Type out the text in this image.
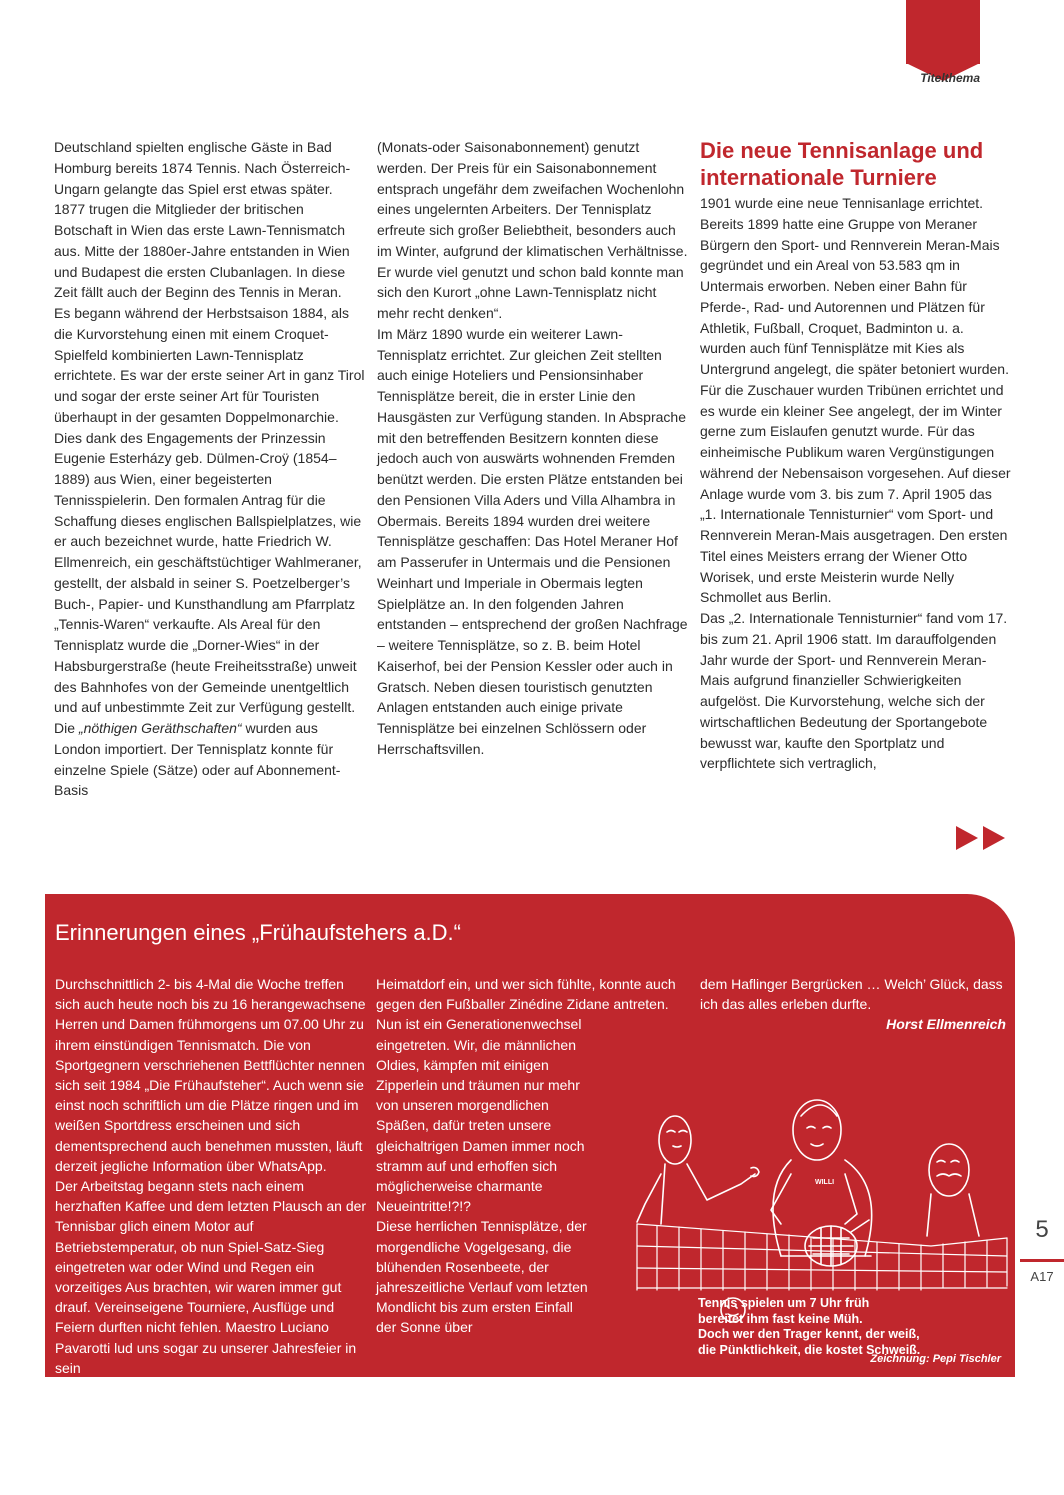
Titelthema

Deutschland spielten englische Gäste in Bad Homburg bereits 1874 Tennis. Nach Österreich-Ungarn gelangte das Spiel erst etwas später. 1877 trugen die Mitglieder der britischen Botschaft in Wien das erste Lawn-Tennismatch aus. Mitte der 1880er-Jahre entstanden in Wien und Budapest die ersten Clubanlagen. In diese Zeit fällt auch der Beginn des Tennis in Meran.

Es begann während der Herbstsaison 1884, als die Kurvorstehung einen mit einem Croquet-Spielfeld kombinierten Lawn-Tennisplatz errichtete. Es war der erste seiner Art in ganz Tirol und sogar der erste seiner Art für Touristen überhaupt in der gesamten Doppelmonarchie. Dies dank des Engagements der Prinzessin Eugenie Esterházy geb. Dülmen-Croÿ (1854–1889) aus Wien, einer begeisterten Tennisspielerin. Den formalen Antrag für die Schaffung dieses englischen Ballspielplatzes, wie er auch bezeichnet wurde, hatte Friedrich W. Ellmenreich, ein geschäftstüchtiger Wahlmeraner, gestellt, der alsbald in seiner S. Poetzelberger’s Buch-, Papier- und Kunsthandlung am Pfarrplatz „Tennis-Waren“ verkaufte. Als Areal für den Tennisplatz wurde die „Dorner-Wies“ in der Habsburgerstraße (heute Freiheitsstraße) unweit des Bahnhofes von der Gemeinde unentgeltlich und auf unbestimmte Zeit zur Verfügung gestellt. Die „nöthigen Geräthschaften“ wurden aus London importiert. Der Tennisplatz konnte für einzelne Spiele (Sätze) oder auf Abonnement-Basis

(Monats-oder Saisonabonnement) genutzt werden. Der Preis für ein Saisonabonnement entsprach ungefähr dem zweifachen Wochenlohn eines ungelernten Arbeiters. Der Tennisplatz erfreute sich großer Beliebtheit, besonders auch im Winter, aufgrund der klimatischen Verhältnisse. Er wurde viel genutzt und schon bald konnte man sich den Kurort „ohne Lawn-Tennisplatz nicht mehr recht denken“.

Im März 1890 wurde ein weiterer Lawn-Tennisplatz errichtet. Zur gleichen Zeit stellten auch einige Hoteliers und Pensionsinhaber Tennisplätze bereit, die in erster Linie den Hausgästen zur Verfügung standen. In Absprache mit den betreffenden Besitzern konnten diese jedoch auch von auswärts wohnenden Fremden benützt werden. Die ersten Plätze entstanden bei den Pensionen Villa Aders und Villa Alhambra in Obermais. Bereits 1894 wurden drei weitere Tennisplätze geschaffen: Das Hotel Meraner Hof am Passerufer in Untermais und die Pensionen Weinhart und Imperiale in Obermais legten Spielplätze an. In den folgenden Jahren entstanden – entsprechend der großen Nachfrage – weitere Tennisplätze, so z. B. beim Hotel Kaiserhof, bei der Pension Kessler oder auch in Gratsch. Neben diesen touristisch genutzten Anlagen entstanden auch einige private Tennisplätze bei einzelnen Schlössern oder Herrschaftsvillen.

Die neue Tennisanlage und internationale Turniere

1901 wurde eine neue Tennisanlage errichtet. Bereits 1899 hatte eine Gruppe von Meraner Bürgern den Sport- und Rennverein Meran-Mais gegründet und ein Areal von 53.583 qm in Untermais erworben. Neben einer Bahn für Pferde-, Rad- und Autorennen und Plätzen für Athletik, Fußball, Croquet, Badminton u. a. wurden auch fünf Tennisplätze mit Kies als Untergrund angelegt, die später betoniert wurden. Für die Zuschauer wurden Tribünen errichtet und es wurde ein kleiner See angelegt, der im Winter gerne zum Eislaufen genutzt wurde. Für das einheimische Publikum waren Vergünstigungen während der Nebensaison vorgesehen. Auf dieser Anlage wurde vom 3. bis zum 7. April 1905 das „1. Internationale Tennisturnier“ vom Sport- und Rennverein Meran-Mais ausgetragen. Den ersten Titel eines Meisters errang der Wiener Otto Worisek, und erste Meisterin wurde Nelly Schmollet aus Berlin.

Das „2. Internationale Tennisturnier“ fand vom 17. bis zum 21. April 1906 statt. Im darauffolgenden Jahr wurde der Sport- und Rennverein Meran-Mais aufgrund finanzieller Schwierigkeiten aufgelöst. Die Kurvorstehung, welche sich der wirtschaftlichen Bedeutung der Sportangebote bewusst war, kaufte den Sportplatz und verpflichtete sich vertraglich,

Erinnerungen eines „Frühaufstehers a.D.“

Durchschnittlich 2- bis 4-Mal die Woche treffen sich auch heute noch bis zu 16 herangewachsene Herren und Damen frühmorgens um 07.00 Uhr zu ihrem einstündigen Tennismatch. Die von Sportgegnern verschriehenen Bettflüchter nennen sich seit 1984 „Die Frühaufsteher“. Auch wenn sie einst noch schriftlich um die Plätze ringen und im weißen Sportdress erscheinen und sich dementsprechend auch benehmen mussten, läuft derzeit jegliche Information über WhatsApp.

Der Arbeitstag begann stets nach einem herzhaften Kaffee und dem letzten Plausch an der Tennisbar glich einem Motor auf Betriebstemperatur, ob nun Spiel-Satz-Sieg eingetreten war oder Wind und Regen ein vorzeitiges Aus brachten, wir waren immer gut drauf. Vereinseigene Tourniere, Ausflüge und Feiern durften nicht fehlen. Maestro Luciano Pavarotti lud uns sogar zu unserer Jahresfeier in sein

Heimatdorf ein, und wer sich fühlte, konnte auch gegen den Fußballer Zinédine Zidane antreten.

Nun ist ein Generationenwechsel eingetreten. Wir, die männlichen Oldies, kämpfen mit einigen Zipperlein und träumen nur mehr von unseren morgendlichen Späßen, dafür treten unsere gleichaltrigen Damen immer noch stramm auf und erhoffen sich möglicherweise charmante Neueintritte!?!?

Diese herrlichen Tennisplätze, der morgendliche Vogelgesang, die blühenden Rosenbeete, der jahreszeitliche Verlauf vom letzten Mondlicht bis zum ersten Einfall der Sonne über

dem Haflinger Bergrücken … Welch’ Glück, dass ich das alles erleben durfte.

Horst Ellmenreich

WILLI
Tennis spielen um 7 Uhr früh
bereitet ihm fast keine Müh.
Doch wer den Trager kennt, der weiß,
die Pünktlichkeit, die kostet Schweiß.
Zeichnung: Pepi Tischler
5
A17
